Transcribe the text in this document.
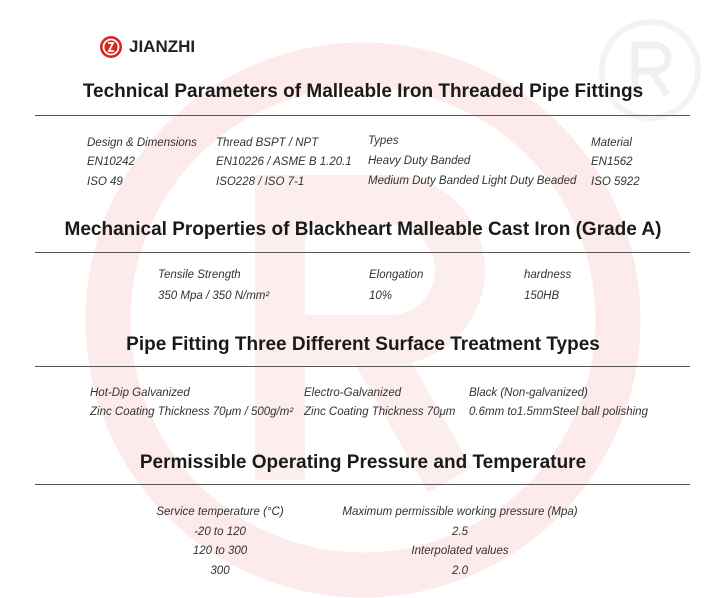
JIANZHI
Technical Parameters of Malleable Iron Threaded Pipe Fittings
Design & Dimensions
EN10242
ISO 49
Thread BSPT / NPT
EN10226 / ASME B 1.20.1
ISO228 / ISO 7-1
Types
Heavy Duty Banded
Medium Duty Banded Light Duty Beaded
Material
EN1562
ISO 5922
Mechanical Properties of Blackheart Malleable Cast Iron (Grade A)
Tensile Strength
350 Mpa / 350 N/mm²
Elongation
10%
hardness
150HB
Pipe Fitting Three Different Surface Treatment Types
Hot-Dip Galvanized
Zinc Coating Thickness 70μm / 500g/m²
Electro-Galvanized
Zinc Coating Thickness 70μm
Black (Non-galvanized)
0.6mm to1.5mmSteel ball polishing
Permissible Operating Pressure and Temperature
Service temperature (°C)
-20 to 120
120 to 300
300
Maximum permissible working pressure (Mpa)
2.5
Interpolated values
2.0
